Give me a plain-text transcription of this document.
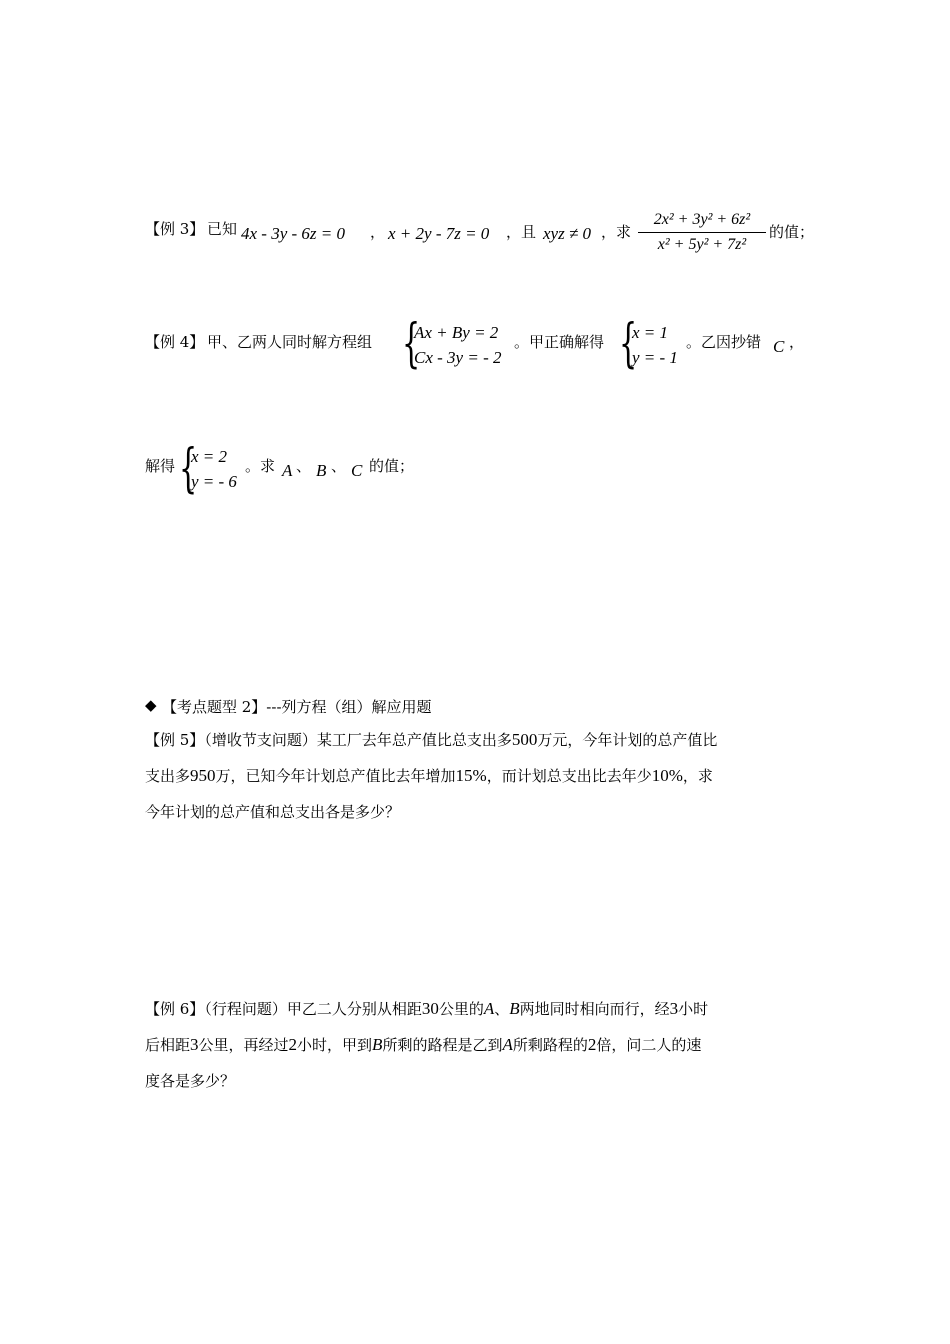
【例 3】 已知 4x - 3y - 6z = 0 ， x + 2y - 7z = 0 ，且 xyz ≠ 0 ，求 $\frac{\text{2x² + 3y² + 6z²}}{\text{x² + 5y² + 7z²}}$ 的值；
【例 4】 甲、乙两人同时解方程组 {
Ax + By = 2
Cx - 3y = - 2
。甲正确解得 {
x = 1
y = - 1
。乙因抄错 C ，
解得 {
x = 2
y = - 6
。求 A 、 B 、 C 的值；
◆ 【考点题型 2】---列方程（组）解应用题
【例 5】（增收节支问题）某工厂去年总产值比总支出多500万元，今年计划的总产值比
支出多950万，已知今年计划总产值比去年增加15%，而计划总支出比去年少10%，求
今年计划的总产值和总支出各是多少？
【例 6】（行程问题）甲乙二人分别从相距30公里的A、B两地同时相向而行，经3小时
后相距3公里，再经过2小时，甲到B所剩的路程是乙到A所剩路程的2倍，问二人的速
度各是多少？
